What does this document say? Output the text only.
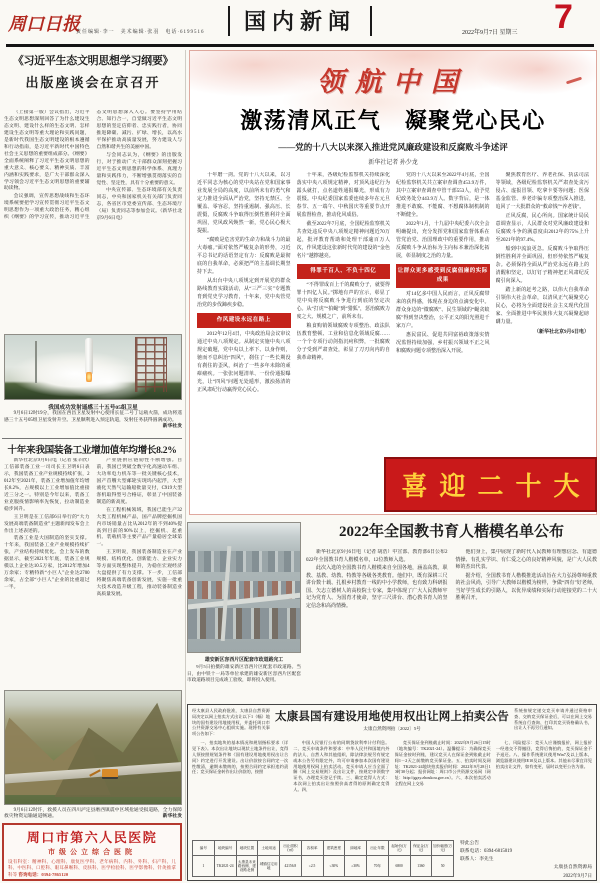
周口日报
责任编辑·李一　美术编辑·张羽　电话·6199516 国内新闻	2022年9月7日 星期三 7
《习近平生态文明思想学习纲要》
出版座谈会在京召开

（上接第一版）会议指出，习近平生态文明思想深刻回答了为什么建设生态文明、建设什么样的生态文明、怎样建设生态文明等重大理论和实践问题，是新时代我国生态文明建设的根本遵循和行动指南，是习近平新时代中国特色社会主义思想的重要组成部分。《纲要》全面系统阐释了习近平生态文明思想的重大意义、核心要义、精神实质、丰富内涵和实践要求，是广大干部群众深入学习领会习近平生态文明思想的重要辅助读物。

会议强调，宣传思想战线和生态环境系统要把学习宣传贯彻习近平生态文明思想作为一项重大政治任务，精心组织《纲要》的学习宣传，推动习近平生态文明思想深入人心。要坚持学用结合、知行合一，自觉做习近平生态文明思想的坚定信仰者、忠实践行者，协同推进降碳、减污、扩绿、增长，以高水平保护推动高质量发展，努力建设人与自然和谐共生的美丽中国。

与会同志认为，《纲要》的出版发行，对于推动广大干部群众深刻把握习近平生态文明思想的科学体系、真理力量和实践伟力，不断增强贯彻落实的自觉性、坚定性，具有十分重要的意义。

中央宣传部、生态环境部有关负责同志，中央和国家机关有关部门负责同志，各省区市党委宣传部、生态环境厅（局）负责同志等参加会议。（新华社北京9月6日电）

我国成功发射遥感三十五号05组卫星
9月6日12时19分，我国在西昌卫星发射中心使用长征二号丁运载火箭，成功将遥感三十五号05组卫星发射升空。卫星顺利进入预定轨道，发射任务获得圆满成功。
新华社发
十年来我国装备工业增加值年均增长8.2%

新华社北京9月6日电（记者 张辛欣）工信部装备工业一司司长王卫明6日表示，我国装备工业产业规模持续扩张，2012年至2021年，装备工业增加值年均增长8.2%，占规模以上工业增加值比重接近三分之一。特别是今年以来，装备工业克服疫情影响率先恢复，拉动制造业稳步回升。

王卫明是在工信部6日举行的“大力发展高端装备制造业”主题新闻发布会上作出上述表述的。

装备工业是大国制造的坚实支撑。十年来，我国装备工业产业规模持续扩张，产业结构持续优化。会上发布的数据显示，截至2021年年底，装备工业规模以上企业达10.5万家，比2012年增加4万余家；专精特新“小巨人”企业达2700余家，占全部“小巨人”企业的比重超过一半。

产业链供应链韧性不断增强。目前，我国已突破全数字化高速动车组、大功率电力机车等一批关键核心技术，国产首艘大型邮轮实现坞内起浮，大型液化天然气运输船批量交付，C919大型客机取得型号合格证，彰显了中国装备制造的新高度。

在工程机械领域，我国已能生产32大类工程机械产品，国产品牌挖掘机国内市场销量占比从2012年的不到40%提高到目前的90%以上，挖掘机、起重机、装载机等主要产品产量稳居全球第一。

王卫明说，我国装备制造业在产业规模、结构优化、创新能力、企业实力等方面实现整体提升，为稳住宏观经济大盘提供了有力支撑。下一步，工信部将聚焦高端装备创新发展，实施一批重大技术改造升级工程，推动装备制造业高质量发展。

9月6日12时许，救援人员在四川泸定县磨西镇震中区域抢通受损道路，全力保障救灾物资运输通道畅通。	新华社发
周口市第六人民医院
市级公立综合医院
设有科室：精神科、心理科、康复医学科、老年病科、内科、外科、妇产科、儿科、中医科、口腔科、眼耳鼻喉科、皮肤科、医学检验科、医学影像科、针灸推拿科等 咨询电话：0394-7865120
领航中国
激荡清风正气　凝聚党心民心
——党的十八大以来深入推进党风廉政建设和反腐败斗争述评
新华社记者 孙少龙

十年磨一剑。党的十八大以来，以习近平同志为核心的党中央站在党和国家事业发展全局的高度，以前所未有的勇气和定力推进全面从严治党，坚持无禁区、全覆盖、零容忍，坚持重遏制、强高压、长震慑，反腐败斗争取得压倒性胜利并全面巩固，党风政风焕然一新，党心民心极大提振。

“腐败是危害党的生命力和战斗力的最大毒瘤。”面对依然严峻复杂的形势，习近平总书记的话语坚定有力：反腐败是最彻底的自我革命，必须把严的主基调长期坚持下去。

从出台中央八项规定到开展党的群众路线教育实践活动，从“三严三实”专题教育到党史学习教育，十年来，党中央管党治党的步伐蹄疾步稳。

作风建设永远在路上

2012年12月4日，中央政治局会议审议通过中央八项规定。从制定实施中央八项规定破题，党中央以上率下、以身作则，驰而不息纠治“四风”，刹住了一些长期没有刹住的歪风，纠治了一些多年未除的顽瘴痼疾。一张张问题清单、一份份通报曝光，让“四风”问题无处遁形，激浊扬清的正风肃纪行动赢得党心民心。

十年来，各级纪检监察机关持续深化落实中央八项规定精神，对顶风违纪行为露头就打，点名道姓通报曝光，形成有力震慑。中央纪委国家监委连续多年在元旦春节、五一端午、中秋国庆等重要节点开展监督检查，推动化风成俗。

截至2022年7月底，全国纪检监察机关共查处违反中央八项规定精神问题近70万起，批评教育帮助和处理干部逾百万人次，作风建设这张新时代党的建设的“金色名片”越擦越亮。

得罪千百人、不负十四亿

“不得罪成百上千的腐败分子，就要得罪十四亿人民。”掷地有声的宣示，彰显了党中央将反腐败斗争进行到底的坚定决心。从“打虎”“拍蝇”到“猎狐”，惩治腐败力度之大、规模之广，前所未有。

粮食购销领域腐败专项整治、政法队伍教育整顿、工业和信息化领域反腐……一个个专项行动剑指沉疴积弊，一批腐败分子受到严肃查处，彰显了刀刃向内的自我革命精神。

党的十八大以来至2022年4月底，全国纪检监察机关共立案审查调查453.9万件，其中立案审查调查中管干部553人，给予党纪政务处分443.9万人。数字背后，是一体推进不敢腐、不能腐、不想腐体制机制的不断健全。

2022年1月，十九届中央纪委六次全会明确提出，充分发挥党和国家监督体系在管党治党、治国理政中的重要作用，推动反腐败斗争从治标为主向标本兼治深化拓展，彰显制度之治的力量。

让群众更多感受到反腐倡廉的实际成果

对14亿多中国人民而言，正风反腐带来的获得感，体现在身边的点滴变化中。群众身边的“微腐败”、民生领域的“蝇贪蚁腐”得到坚决整治，公平正义的阳光照进千家万户。

惠民富民、促进共同富裕政策落实情况监督持续加强，乡村振兴领域不正之风和腐败问题专项整治深入开展。

聚焦教育医疗、养老社保、执法司法等领域，各级纪检监察机关严肃查处贪污侵占、虚报冒领、吃拿卡要等问题；医保基金监管、养老诈骗专项整治深入推进，追回了一大批群众的“救命钱”“养老钱”。

正风反腐，民心所向。国家统计局民意调查显示，人民群众对党风廉政建设和反腐败斗争的满意度由2012年的75%上升至2021年的97.4%。

船到中流浪更急。反腐败斗争取得压倒性胜利并全面巩固，但形势依然严峻复杂。必须保持全面从严治党永远在路上的清醒和坚定，以钉钉子精神把正风肃纪反腐引向深入。

踏上新的赶考之路，以伟大自我革命引领伟大社会革命，以清风正气凝聚党心民心，必将为全面建设社会主义现代化国家、全面推进中华民族伟大复兴凝聚起磅礴力量。

（新华社北京9月6日电）
喜迎二十大
雄安新区容西片区配套市政道路完工
9月5日拍摄的雄安新区容西片区配套市政道路。当日，由中铁十一局等单位承建的雄安新区容西片区配套市政道路项目完成竣工验收，即将投入使用。
2022年全国教书育人楷模名单公布

新华社北京9月6日电（记者 胡浩）中宣部、教育部6日公布2022年全国教书育人楷模名单，12位教师入选。

此次入选的全国教书育人楷模来自全国各地，涵盖高教、职教、基教、幼教、特教等各级各类教育。他们中，既有深耕三尺讲台数十载、扎根乡村教育一线的中小学教师，也有致力科研报国、矢志立德树人的高校院士专家，集中体现了广大人民教师牢记为党育人、为国育才使命，坚守三尺讲台、潜心教书育人的坚定信念和高尚情操。

他们身上，集中展现了新时代人民教师有理想信念、有道德情操、有扎实学识、有仁爱之心的良好精神风貌，是广大人民教师的杰出代表。

据介绍，全国教书育人楷模推选活动旨在大力弘扬尊师重教的社会风尚，引导广大教师以楷模为榜样，争做“四有”好老师，当好学生成长的引路人，以优异成绩和实际行动迎接党的二十大胜利召开。

经太康县人民政府批准，太康县自然资源局决定以网上拍卖方式出让以下1（幅）地块的国有建设用地使用权，并委托周口市公共资源交易中心组织实施。现将有关事项公告如下：
太康县国有建设用地使用权出让网上拍卖公告
太康自然资网拍〔2022〕5号
系统按规定递交竞买申请并通过资格审查、交纳竞买保证金后，可以在网上交易系统自行查询、打印其竞买资格确认书，出让人不再另行通知。

一、拍卖地块的基本情况和规划指标要求（详见下表）。本次出让地块以现状土地条件出让，竞得人须按照规划条件和《国有建设用地使用权出让合同》约定进行开发建设。出让价款按合同约定一次性缴清，逾期未缴纳的，按照合同约定承担违约责任；竞买保证金转作出让价款的，按照

中国人民银行公布的同期贷款利率计付利息。二、竞买申请条件和要求：中华人民共和国境内外的法人、自然人和其他组织，除法律法规另有规定或本公告另有限定外，均可申请参加本次国有建设用地使用权网上拍卖活动。竞买申请人应当全面了解《网上交易规则》及出让文件，按规定申领数字证书，办理竞买登记手续。三、确定竞得人方式：本次网上拍卖出让按照价高者得的原则确定竞得人。四、

竞买保证金到账截止时间：2022年9月26日15时（地块编号：TK2021-24）。温馨提示：为确保竞买保证金按时到账，建议竞买人在保证金到账截止时间1－2天之前缴纳竞买保证金。五、拍卖时间及网址：TK2021-24地块拍卖报价时间：2022年9月28日10时30分起；报价网址：周口市公共资源交易网（网址：http://ggzy.zhoukou.gov.cn）。六、本次拍卖活动全程在网上交易

七、风险提示：竞买人应谨慎报价，网上报价一经递交不得撤回，竞得后悔拍的，竞买保证金不予退还。八、操作系统建议使用Win7及以上版本，浏览器建议使用IE10及以上版本。其他未尽事宜详见拍卖出让文件，如有变更，届时以变更公告为准。

编号	地块编号	地块位置	土地用途	出让面积(㎡)	容积率	建筑密度	绿地率	出让年限	起始价(万元)	保证金(万元)	加价幅度(万元)
1	TK2021-24	太康县未来路西侧、建设路北侧	城镇住宅用地	42156.8	≤2.5	≤30%	≥30%	70年	6800	1360	50
特此公告
联系电话：0394-6815019
联系人：李先生
太康县自然资源局
2022年9月7日
